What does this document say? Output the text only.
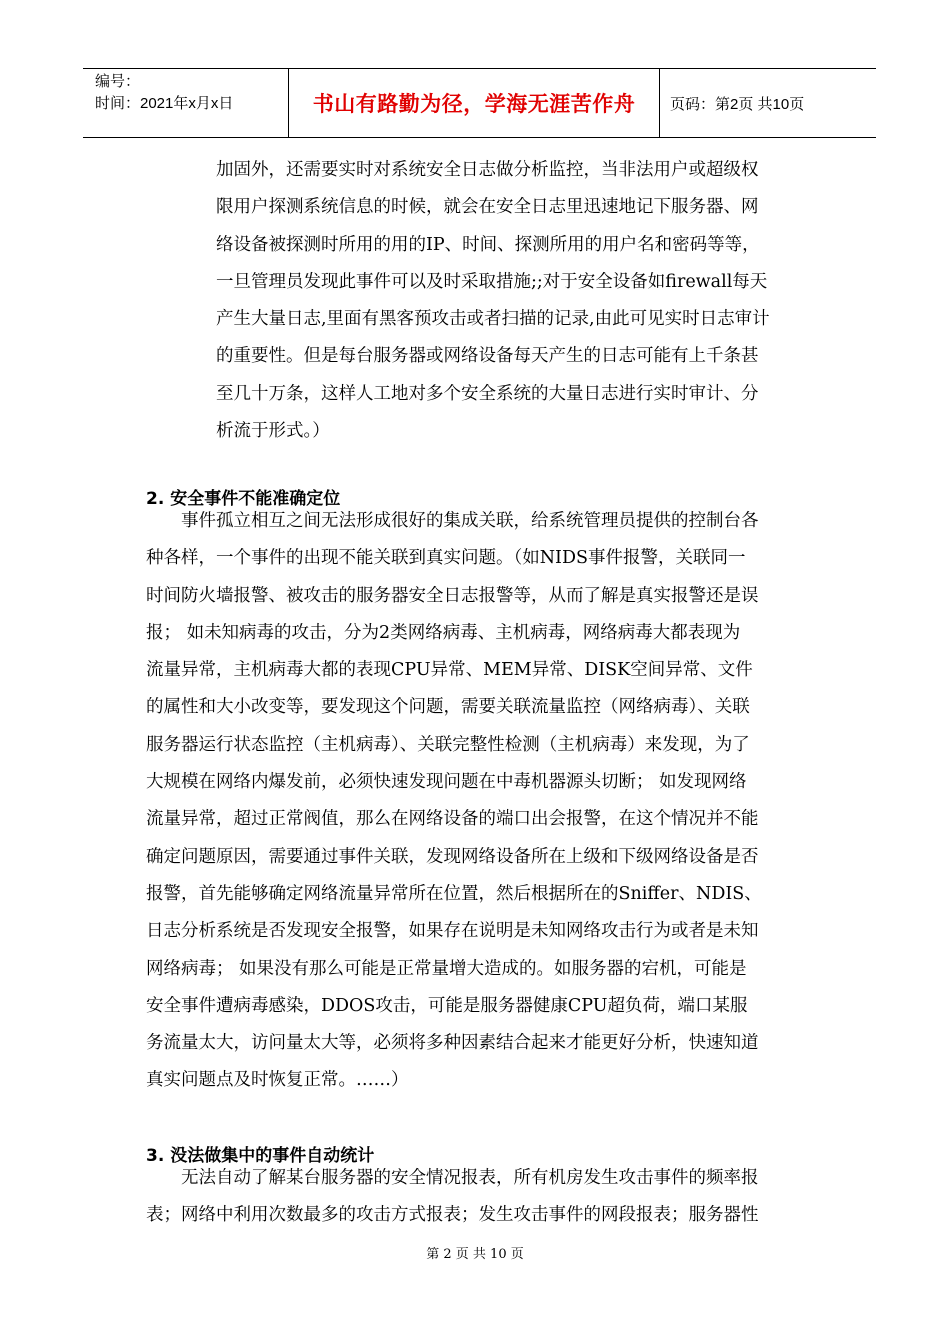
编号：
时间：2021年x月x日	书山有路勤为径，学海无涯苦作舟 页码：第2页 共10页
加固外，还需要实时对系统安全日志做分析监控，当非法用户或超级权
限用户探测系统信息的时候，就会在安全日志里迅速地记下服务器、网
络设备被探测时所用的用的IP、时间、探测所用的用户名和密码等等，
一旦管理员发现此事件可以及时采取措施;;对于安全设备如firewall每天
产生大量日志,里面有黑客预攻击或者扫描的记录,由此可见实时日志审计
的重要性。但是每台服务器或网络设备每天产生的日志可能有上千条甚
至几十万条，这样人工地对多个安全系统的大量日志进行实时审计、分
析流于形式。）
2. 安全事件不能准确定位
事件孤立相互之间无法形成很好的集成关联，给系统管理员提供的控制台各
种各样，一个事件的出现不能关联到真实问题。（如NIDS事件报警，关联同一
时间防火墙报警、被攻击的服务器安全日志报警等，从而了解是真实报警还是误
报； 如未知病毒的攻击，分为2类网络病毒、主机病毒，网络病毒大都表现为
流量异常，主机病毒大都的表现CPU异常、MEM异常、DISK空间异常、文件
的属性和大小改变等，要发现这个问题，需要关联流量监控（网络病毒）、关联
服务器运行状态监控（主机病毒）、关联完整性检测（主机病毒）来发现，为了
大规模在网络内爆发前，必须快速发现问题在中毒机器源头切断； 如发现网络
流量异常，超过正常阀值，那么在网络设备的端口出会报警，在这个情况并不能
确定问题原因，需要通过事件关联，发现网络设备所在上级和下级网络设备是否
报警，首先能够确定网络流量异常所在位置，然后根据所在的Sniffer、NDIS、
日志分析系统是否发现安全报警，如果存在说明是未知网络攻击行为或者是未知
网络病毒； 如果没有那么可能是正常量增大造成的。如服务器的宕机，可能是
安全事件遭病毒感染，DDOS攻击，可能是服务器健康CPU超负荷，端口某服
务流量太大，访问量太大等，必须将多种因素结合起来才能更好分析，快速知道
真实问题点及时恢复正常。……）
3. 没法做集中的事件自动统计
无法自动了解某台服务器的安全情况报表，所有机房发生攻击事件的频率报
表；网络中利用次数最多的攻击方式报表；发生攻击事件的网段报表；服务器性
第 2 页 共 10 页
